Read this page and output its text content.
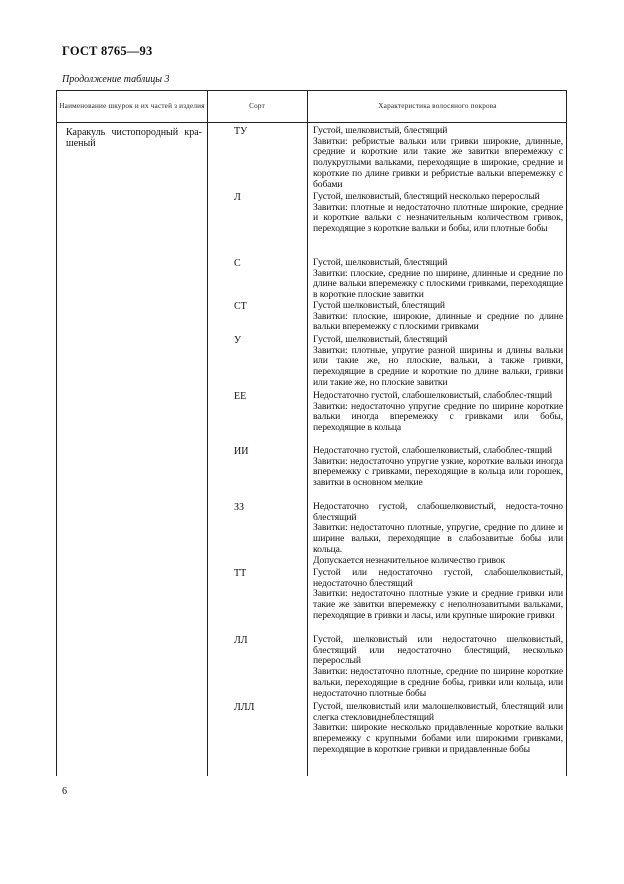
ГОСТ 8765—93
Продолжение таблицы 3
Наименование шкурок и их частей з изделия	Сорт	Характеристика волосяного покрова
Каракуль чистопородный кра-шеный
ТУ	Густой, шелковистый, блестящий

Завитки: ребристые вальки или гривки широкие, длинные, средние и короткие или такие же завитки вперемежку с полукруглыми вальками, переходящие в широкие, средние и короткие по длине гривки и ребристые вальки вперемежку с бобами

Л	Густой, шелковистый, блестящий несколько перерослый

Завитки: плотные и недостаточно плотные широкие, средние и короткие вальки с незначительным количеством гривок, переходящие з короткие вальки и бобы, или плотные бобы

С	Густой, шелковистый, блестящий

Завитки: плоские, средние по ширине, длинные и средние по длине вальки вперемежку с плоскими гривками, переходящие в короткие плоские завитки

СТ	Густой шелковистый, блестящий

Завитки: плоские, широкие, длинные и средние по длине вальки вперемежку с плоскими гривками

У	Густой, шелковистый, блестящий

Завитки: плотные, упругие разной ширины и длины вальки или такие же, но плоские, вальки, а также гривки, переходящие в средние и короткие по длине вальки, гривки или такие же, но плоские завитки

ЕЕ	Недостаточно густой, слабошелковистый, слабоблес-тящий

Завитки: недостаточно упругие средние по ширине короткие вальки иногда вперемежку с гривками или бобы, переходящие в кольца

ИИ	Недостаточно густой, слабошелковистый, слабоблес-тящий

Завитки: недостаточно упругие узкие, короткие вальки иногда вперемежку с гривками, переходящие в кольца или горошек, завитки в основном мелкие

ЗЗ	Недостаточно густой, слабошелковистый, недоста-точно блестящий

Завитки: недостаточно плотные, упругие, средние по длине и ширине вальки, переходящие в слабозавитые бобы или кольца.

Допускается незначительное количество гривок

ТТ	Густой или недостаточно густой, слабошелковистый, недостаточно блестящий

Завитки: недостаточно плотные узкие и средние гривки или такие же завитки вперемежку с неполнозавитыми вальками, переходящие в гривки и ласы, или крупные широкие гривки

ЛЛ	Густой, шелковистый или недостаточно шелковистый, блестящий или недостаточно блестящий, несколько перерослый

Завитки: недостаточно плотные, средние по ширине короткие вальки, переходящие в средние бобы, гривки или кольца, или недостаточно плотные бобы

ЛЛЛ	Густой, шелковистый или малошелковистый, блестящий или слегка стекловиднеблестящий

Завитки: широкие несколько придавленные короткие вальки вперемежку с крупными бобами или широкими гривками, переходящие в короткие гривки и придавленные бобы

6
